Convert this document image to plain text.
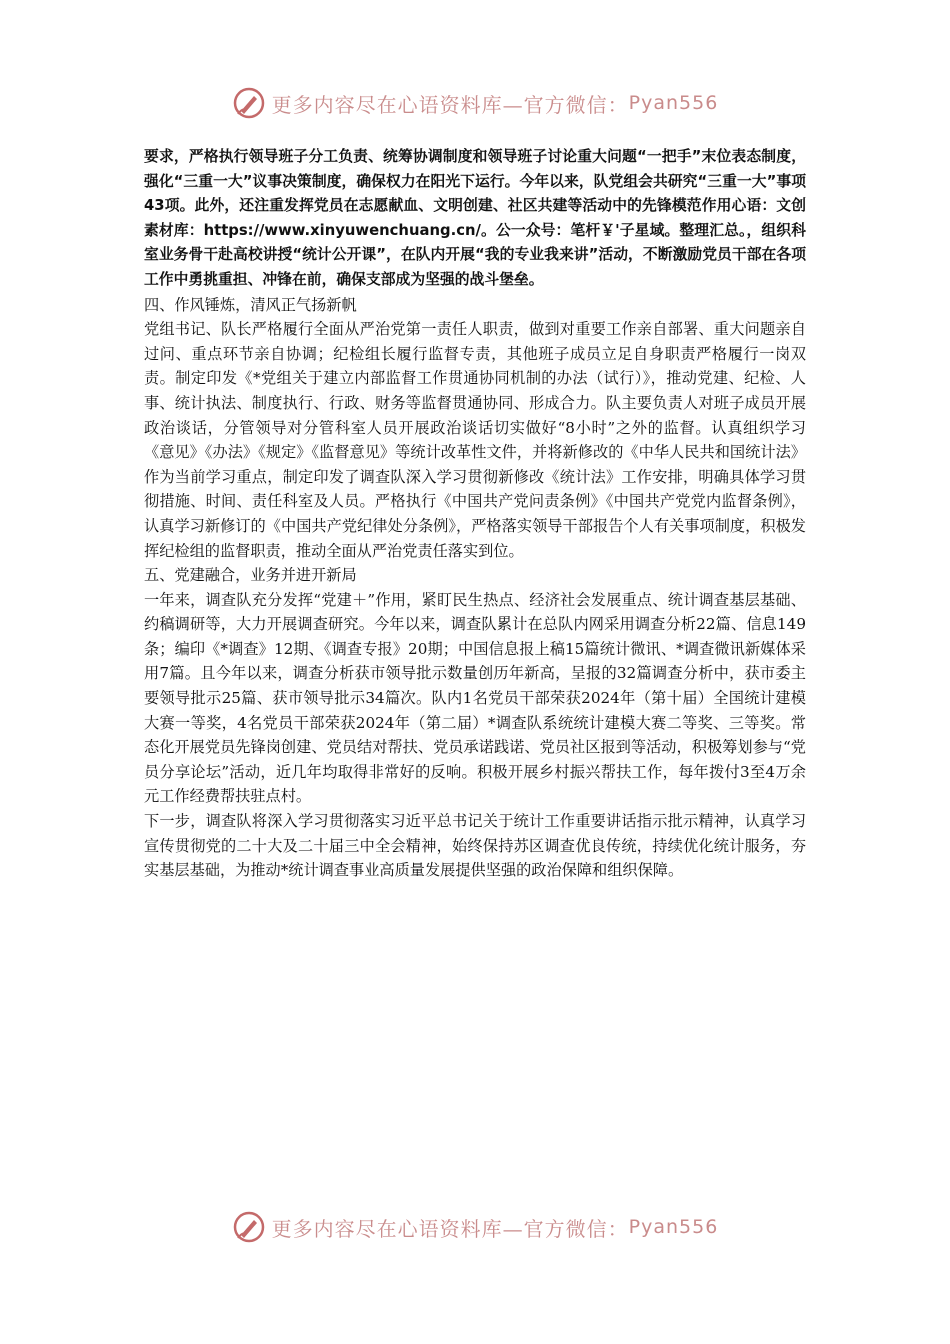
更多内容尽在心语资料库—官方微信： Pyan556

要求，严格执行领导班子分工负责、统筹协调制度和领导班子讨论重大问题“一把手”末位表态制度，强化“三重一大”议事决策制度，确保权力在阳光下运行。今年以来，队党组会共研究“三重一大”事项43项。此外，还注重发挥党员在志愿献血、文明创建、社区共建等活动中的先锋模范作用心语：文创素材库：https://www.xinyuwenchuang.cn/。公一众号：笔杆￥'子星域。整理汇总。，组织科室业务骨干赴高校讲授“统计公开课”，在队内开展“我的专业我来讲”活动，不断激励党员干部在各项工作中勇挑重担、冲锋在前，确保支部成为坚强的战斗堡垒。

四、作风锤炼，清风正气扬新帆

党组书记、队长严格履行全面从严治党第一责任人职责，做到对重要工作亲自部署、重大问题亲自过问、重点环节亲自协调；纪检组长履行监督专责，其他班子成员立足自身职责严格履行一岗双责。制定印发《*党组关于建立内部监督工作贯通协同机制的办法（试行）》，推动党建、纪检、人事、统计执法、制度执行、行政、财务等监督贯通协同、形成合力。队主要负责人对班子成员开展政治谈话，分管领导对分管科室人员开展政治谈话切实做好“8小时”之外的监督。认真组织学习《意见》《办法》《规定》《监督意见》等统计改革性文件，并将新修改的《中华人民共和国统计法》作为当前学习重点，制定印发了调查队深入学习贯彻新修改《统计法》工作安排，明确具体学习贯彻措施、时间、责任科室及人员。严格执行《中国共产党问责条例》《中国共产党党内监督条例》，认真学习新修订的《中国共产党纪律处分条例》，严格落实领导干部报告个人有关事项制度，积极发挥纪检组的监督职责，推动全面从严治党责任落实到位。

五、党建融合，业务并进开新局

一年来，调查队充分发挥“党建＋”作用，紧盯民生热点、经济社会发展重点、统计调查基层基础、约稿调研等，大力开展调查研究。今年以来，调查队累计在总队内网采用调查分析22篇、信息149条；编印《*调查》12期、《调查专报》20期；中国信息报上稿15篇统计微讯、*调查微讯新媒体采用7篇。且今年以来，调查分析获市领导批示数量创历年新高，呈报的32篇调查分析中，获市委主要领导批示25篇、获市领导批示34篇次。队内1名党员干部荣获2024年（第十届）全国统计建模大赛一等奖，4名党员干部荣获2024年（第二届）*调查队系统统计建模大赛二等奖、三等奖。常态化开展党员先锋岗创建、党员结对帮扶、党员承诺践诺、党员社区报到等活动，积极筹划参与“党员分享论坛”活动，近几年均取得非常好的反响。积极开展乡村振兴帮扶工作，每年拨付3至4万余元工作经费帮扶驻点村。

下一步，调查队将深入学习贯彻落实习近平总书记关于统计工作重要讲话指示批示精神，认真学习宣传贯彻党的二十大及二十届三中全会精神，始终保持苏区调查优良传统，持续优化统计服务，夯实基层基础，为推动*统计调查事业高质量发展提供坚强的政治保障和组织保障。

更多内容尽在心语资料库—官方微信： Pyan556
